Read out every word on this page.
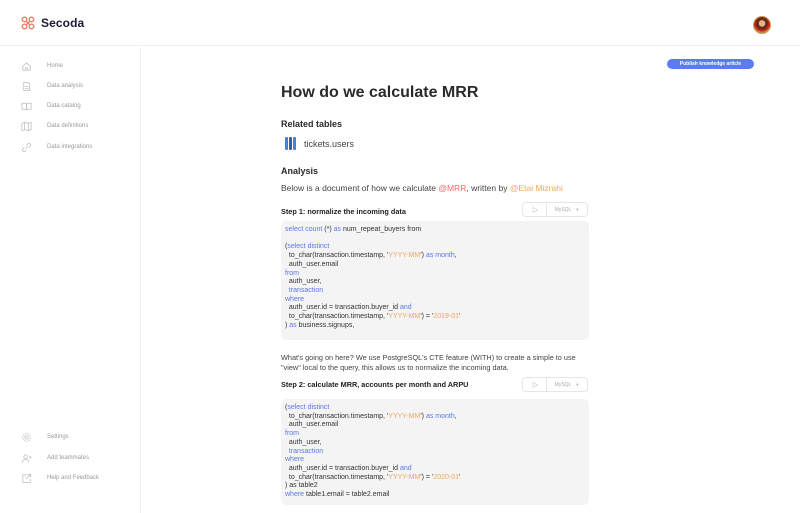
Secoda
Home
Data analysis
Data catalog
Data definitions
Data integrations
Settings
Add teammates
Help and Feedback
Publish knowledge article
How do we calculate MRR
Related tables
tickets.users
Analysis
Below is a document of how we calculate @MRR, written by @Etai Mizrahi
Step 1: normalize the incoming data	MySQL ▼
select count (*) as num_repeat_buyers from

(select distinct
to_char(transaction.timestamp, 'YYYY-MM') as month,
auth_user.email
from
auth_user,
transaction
where
auth_user.id = transaction.buyer_id and
to_char(transaction.timestamp, 'YYYY-MM') = '2019-01'
) as business.signups,
What's going on here? We use PostgreSQL's CTE feature (WITH) to create a simple to use "view" local to the query, this allows us to normalize the incoming data.
Step 2: calculate MRR, accounts per month and ARPU	MySQL ▼
(select distinct
to_char(transaction.timestamp, 'YYYY-MM') as month,
auth_user.email
from
auth_user,
transaction
where
auth_user.id = transaction.buyer_id and
to_char(transaction.timestamp, 'YYYY-MM') = '2020-01'
) as table2
where table1.email = table2.email
